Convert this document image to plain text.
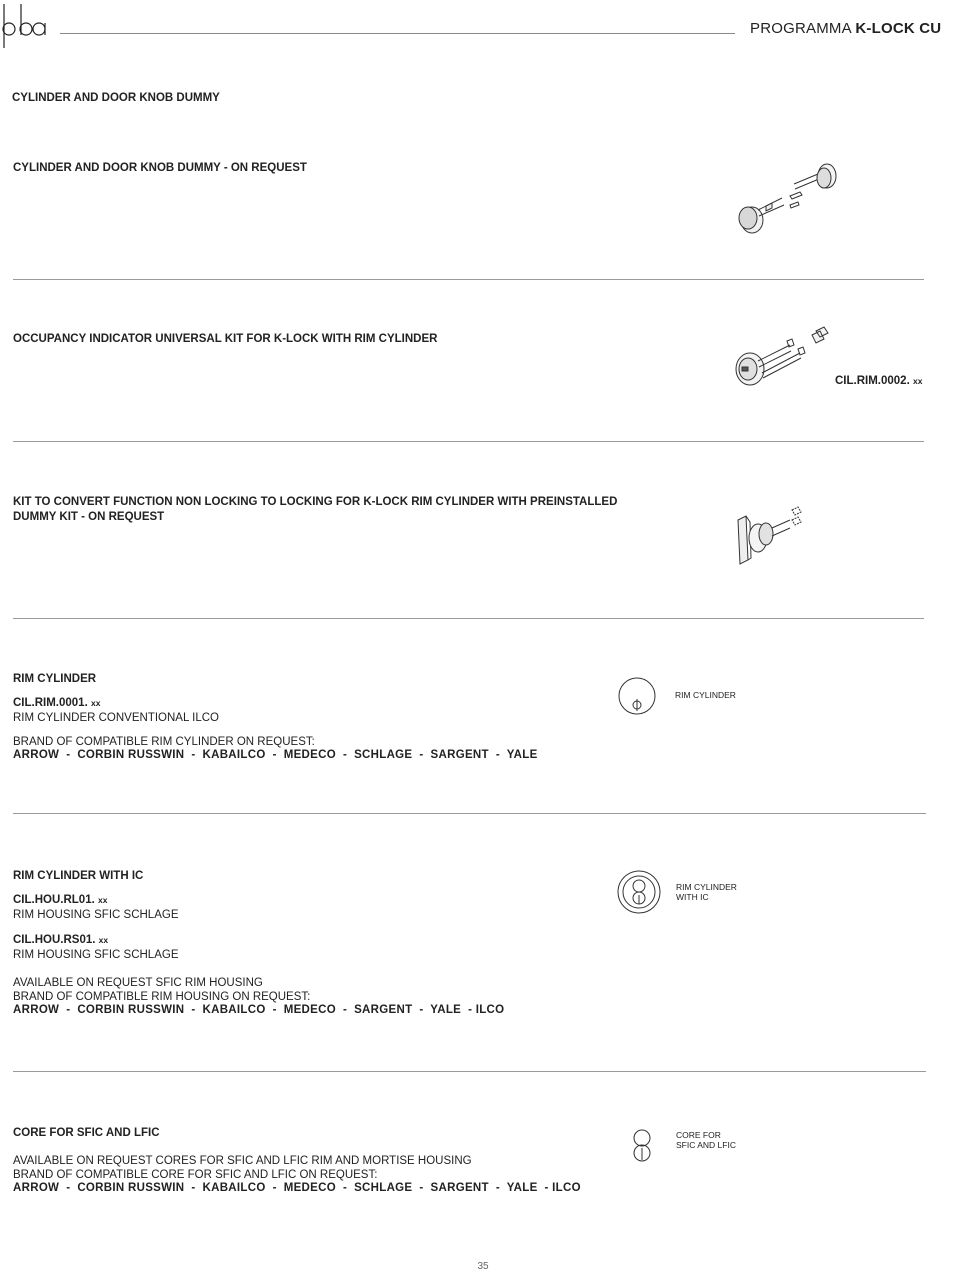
PROGRAMMA K-LOCK CU
CYLINDER AND DOOR KNOB DUMMY
CYLINDER AND DOOR KNOB DUMMY - ON REQUEST
OCCUPANCY INDICATOR UNIVERSAL KIT FOR K-LOCK WITH RIM CYLINDER
CIL.RIM.0002. xx
KIT TO CONVERT FUNCTION NON LOCKING TO LOCKING FOR K-LOCK RIM CYLINDER WITH PREINSTALLED
DUMMY KIT - ON REQUEST
RIM CYLINDER
CIL.RIM.0001. xx
RIM CYLINDER CONVENTIONAL ILCO
BRAND OF COMPATIBLE RIM CYLINDER ON REQUEST:
ARROW  -  CORBIN RUSSWIN  -  KABAILCO  -  MEDECO  -  SCHLAGE  -  SARGENT  -  YALE
RIM CYLINDER
RIM CYLINDER WITH IC
CIL.HOU.RL01. xx
RIM HOUSING SFIC SCHLAGE
CIL.HOU.RS01. xx
RIM HOUSING SFIC SCHLAGE
AVAILABLE ON REQUEST SFIC RIM HOUSING
BRAND OF COMPATIBLE RIM HOUSING ON REQUEST:
ARROW  -  CORBIN RUSSWIN  -  KABAILCO  -  MEDECO  -  SARGENT  -  YALE  - ILCO
RIM CYLINDER
WITH IC
CORE FOR SFIC AND LFIC
AVAILABLE ON REQUEST CORES FOR SFIC AND LFIC RIM AND MORTISE HOUSING
BRAND OF COMPATIBLE CORE FOR SFIC AND LFIC ON REQUEST:
ARROW  -  CORBIN RUSSWIN  -  KABAILCO  -  MEDECO  -  SCHLAGE  -  SARGENT  -  YALE  - ILCO
CORE FOR
SFIC AND LFIC
35
